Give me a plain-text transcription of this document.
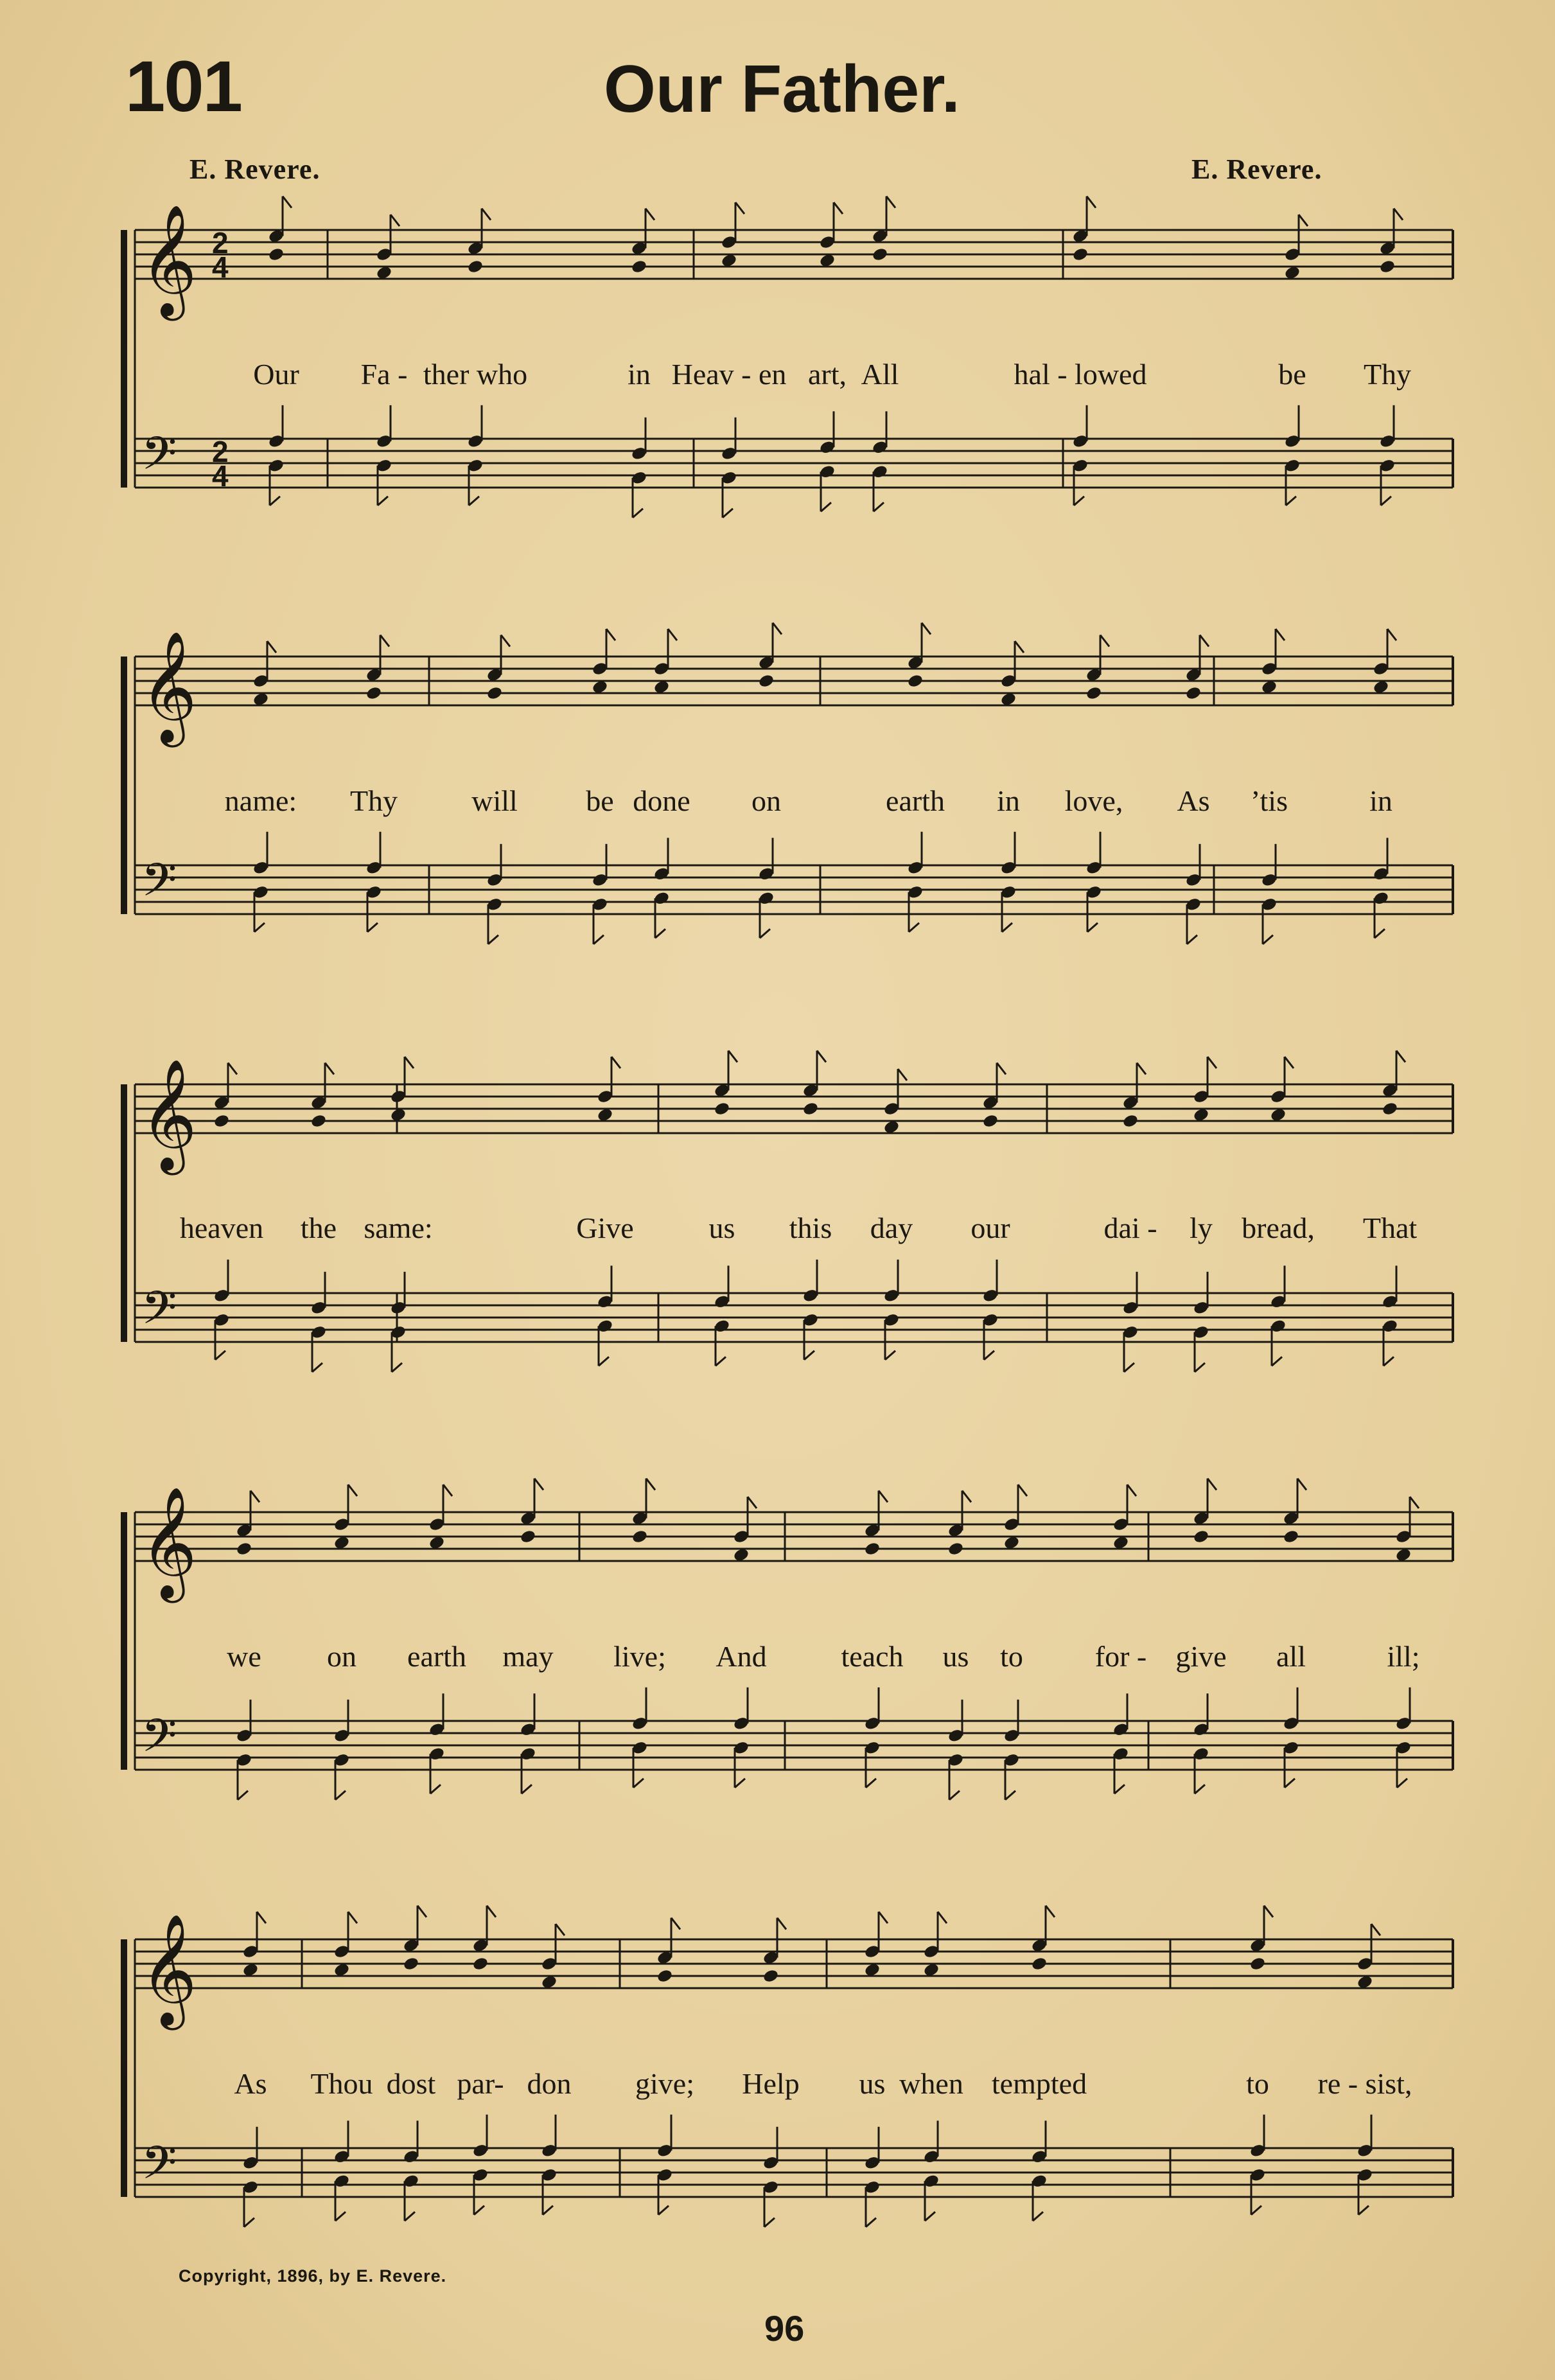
101	Our Father.
E. Revere.	E. Revere.
𝄞
𝄢
2
4
2
4
𝄞
𝄢
𝄞
𝄢
𝄞
𝄢
𝄞
𝄢
Our Fa - ther who	in Heav - en art, All	hal - lowed	be Thy
name: Thy	will be done on	earth in love, As ’tis	in
heaven the same:	Give	us this day our	dai - ly bread, That
we on earth may live; And	teach us to for - give all	ill;
As Thou dost par- don give; Help us when tempted	to re - sist,
Copyright, 1896, by E. Revere.
96
